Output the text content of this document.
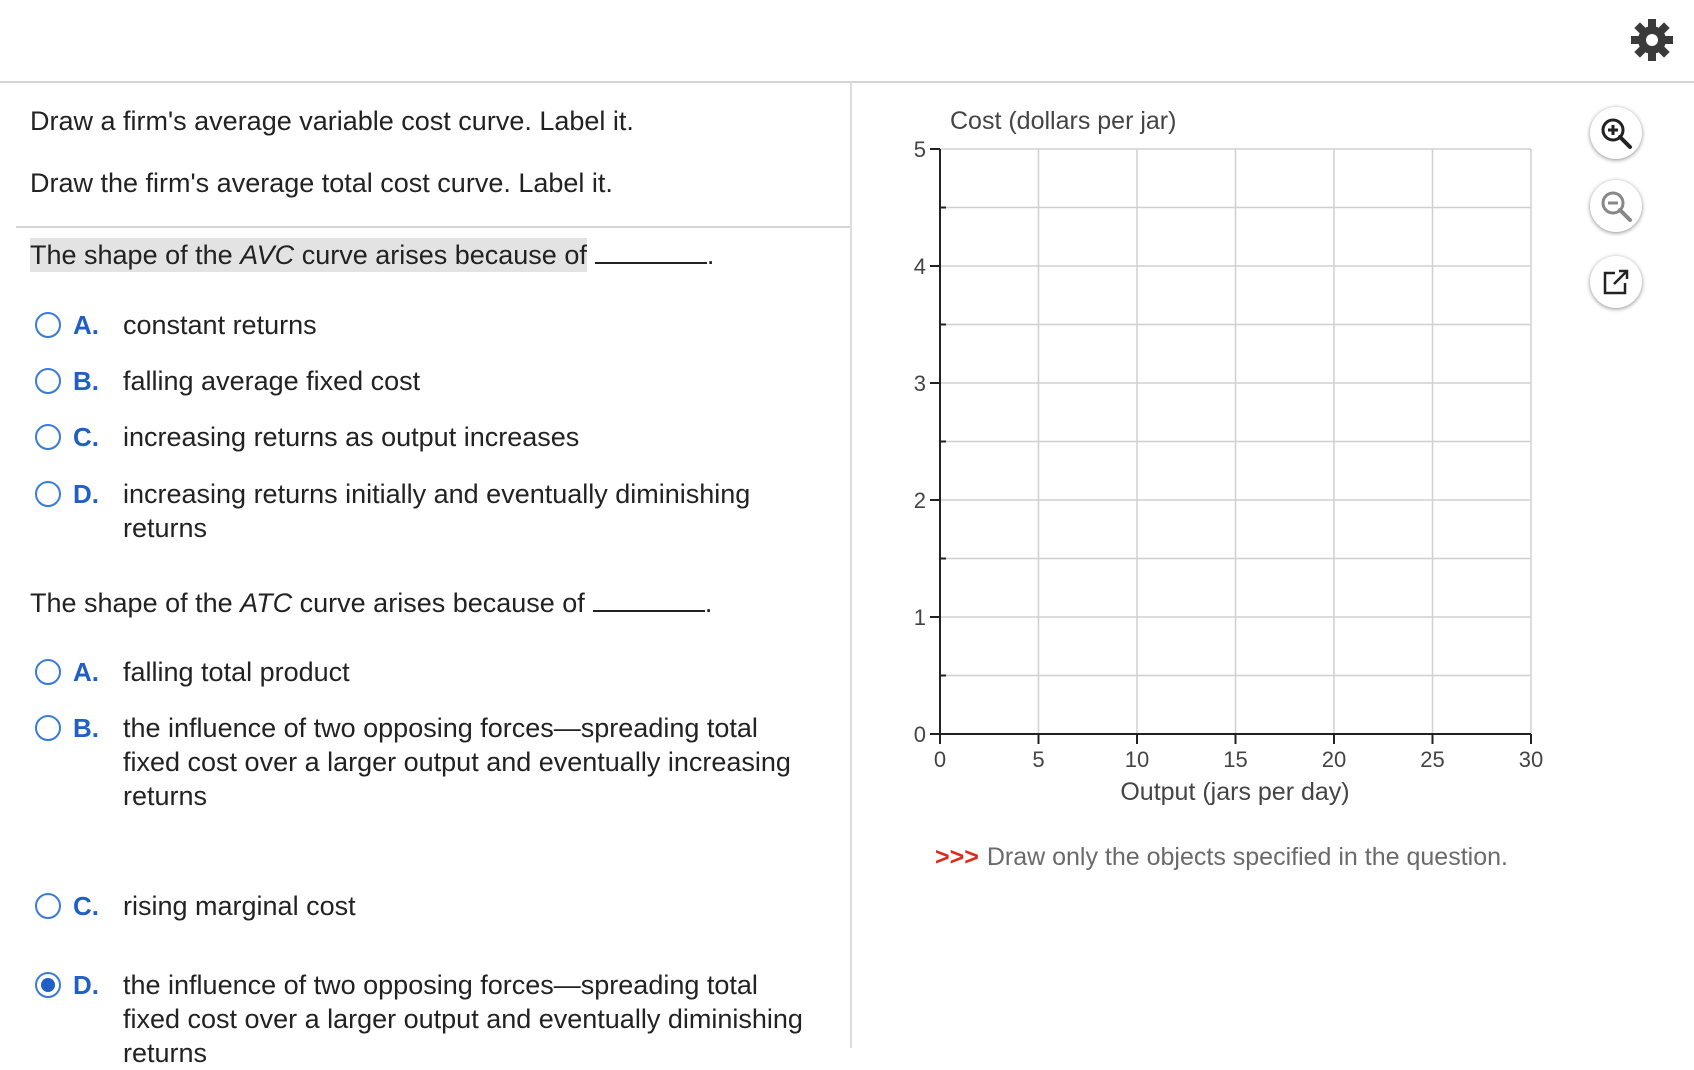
Draw a firm's average variable cost curve. Label it.
Draw the firm's average total cost curve. Label it.
The shape of the AVC curve arises because of	.
A. constant returns
B. falling average fixed cost
C. increasing returns as output increases
D. increasing returns initially and eventually diminishing returns
The shape of the ATC curve arises because of	.
A. falling total product
B. the influence of two opposing forces—spreading total fixed cost over a larger output and eventually increasing returns
C. rising marginal cost
D. the influence of two opposing forces—spreading total fixed cost over a larger output and eventually diminishing returns
Cost (dollars per jar)
Output (jars per day)
0
1
2
3
4
5
0	5	10	15	20	25	30
>>> Draw only the objects specified in the question.
